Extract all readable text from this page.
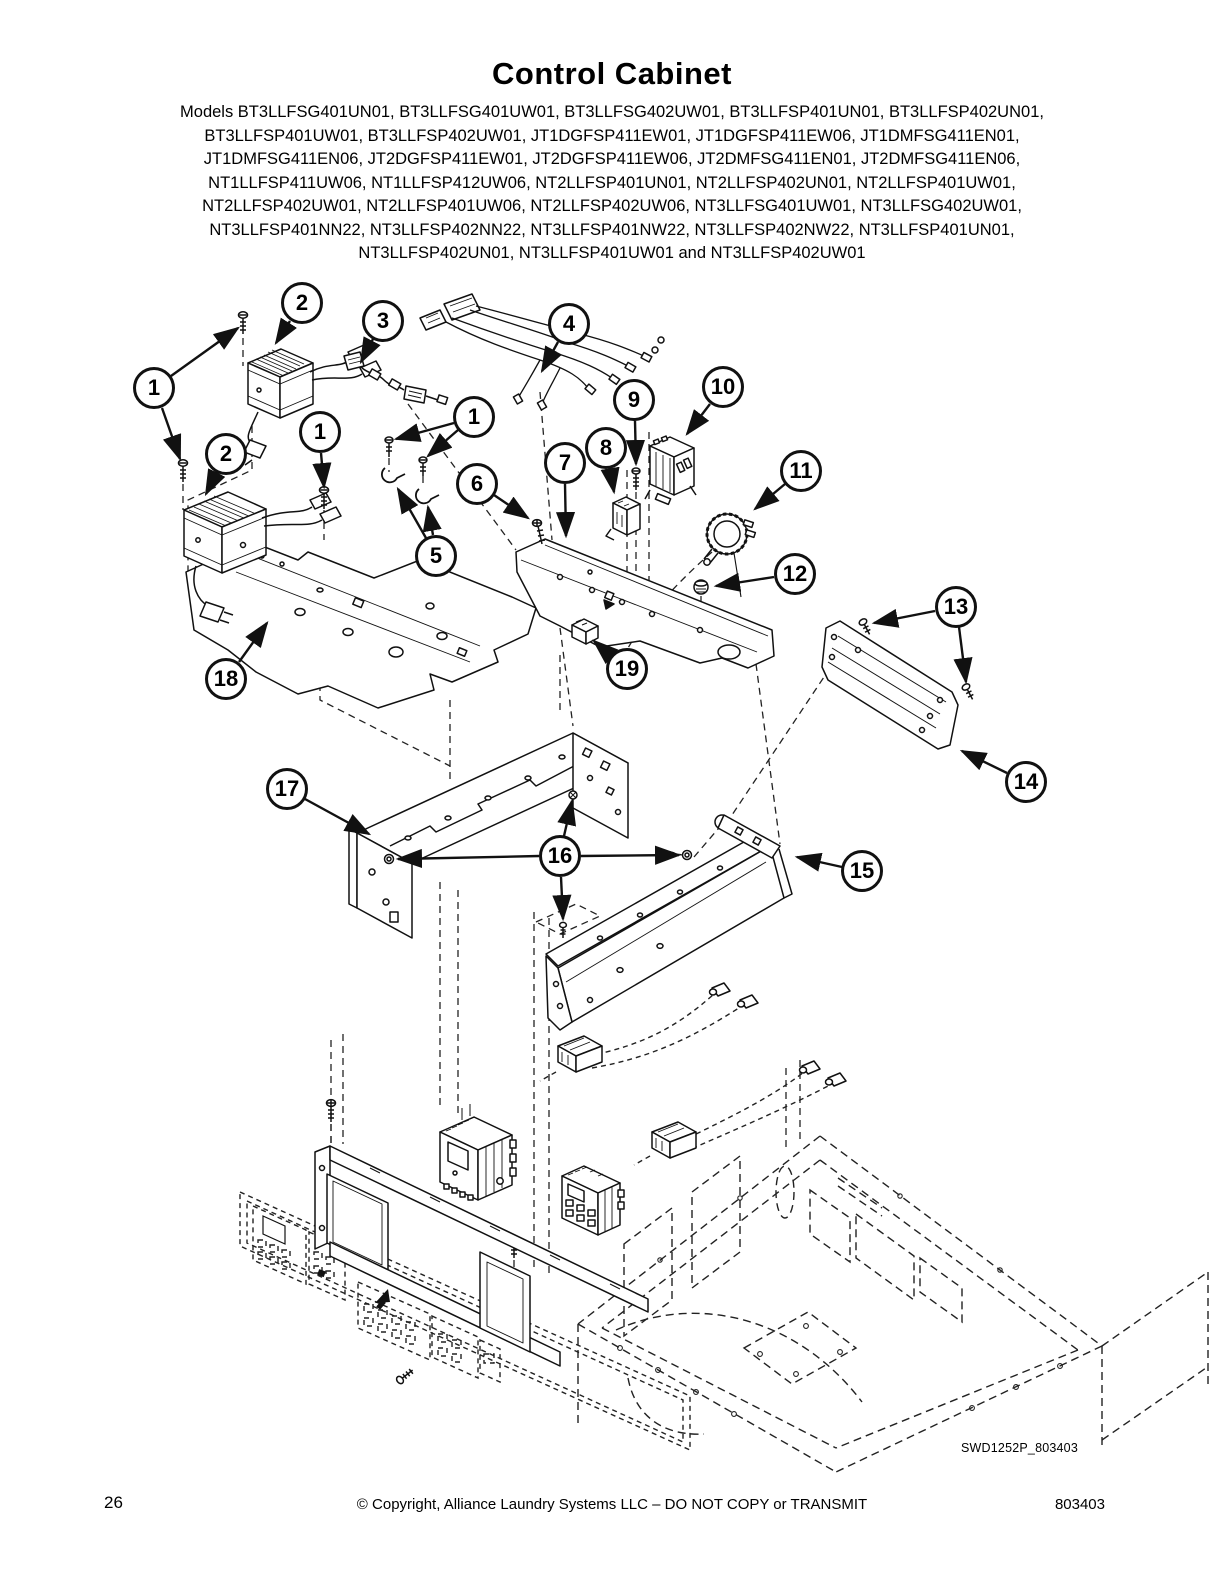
Control Cabinet
Models BT3LLFSG401UN01, BT3LLFSG401UW01, BT3LLFSG402UW01, BT3LLFSP401UN01, BT3LLFSP402UN01,
BT3LLFSP401UW01, BT3LLFSP402UW01, JT1DGFSP411EW01, JT1DGFSP411EW06, JT1DMFSG411EN01,
JT1DMFSG411EN06, JT2DGFSP411EW01, JT2DGFSP411EW06, JT2DMFSG411EN01, JT2DMFSG411EN06,
NT1LLFSP411UW06, NT1LLFSP412UW06, NT2LLFSP401UN01, NT2LLFSP402UN01, NT2LLFSP401UW01,
NT2LLFSP402UW01, NT2LLFSP401UW06, NT2LLFSP402UW06, NT3LLFSG401UW01, NT3LLFSG402UW01,
NT3LLFSP401NN22, NT3LLFSP402NN22, NT3LLFSP401NW22, NT3LLFSP402NW22, NT3LLFSP401UN01,
NT3LLFSP402UN01, NT3LLFSP401UW01 and NT3LLFSP402UW01
1
2
3	4
1
1
2
5
6
7
8
9
10
11
12
13
14
15
16
17
18	19
SWD1252P_803403
26	© Copyright, Alliance Laundry Systems LLC – DO NOT COPY or TRANSMIT	803403
